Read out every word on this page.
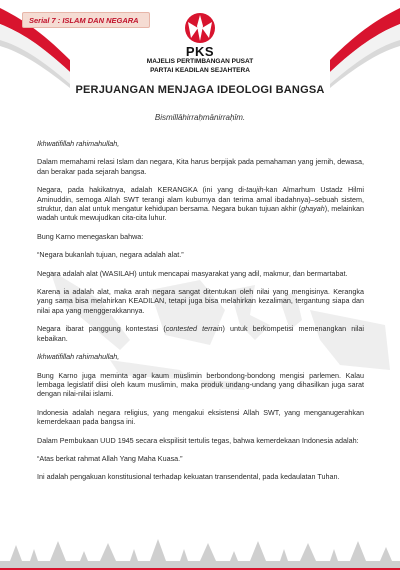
Serial 7 : ISLAM DAN NEGARA
PKS
MAJELIS PERTIMBANGAN PUSAT
PARTAI KEADILAN SEJAHTERA
PERJUANGAN MENJAGA IDEOLOGI BANGSA
Bismillāhirraḥmānirraḥīm.

Ikhwatifillah rahimahullah,

Dalam memahami relasi Islam dan negara, Kita harus berpijak pada pemahaman yang jernih, dewasa, dan berakar pada sejarah bangsa.

Negara, pada hakikatnya, adalah KERANGKA (ini yang di-taujih-kan Almarhum Ustadz Hilmi Aminuddin, semoga Allah SWT terangi alam kuburnya dan terima amal ibadahnya)–sebuah sistem, struktur, dan alat untuk mengatur kehidupan bersama. Negara bukan tujuan akhir (ghayah), melainkan wadah untuk mewujudkan cita-cita luhur.

Bung Karno menegaskan bahwa:

“Negara bukanlah tujuan, negara adalah alat.”

Negara adalah alat (WASILAH) untuk mencapai masyarakat yang adil, makmur, dan bermartabat.

Karena ia adalah alat, maka arah negara sangat ditentukan oleh nilai yang mengisinya. Kerangka yang sama bisa melahirkan KEADILAN, tetapi juga bisa melahirkan kezaliman, tergantung siapa dan nilai apa yang menggerakkannya.

Negara ibarat panggung kontestasi (contested terrain) untuk berkompetisi memenangkan nilai kebaikan.

Ikhwatifillah rahimahullah,

Bung Karno juga meminta agar kaum muslimin berbondong-bondong mengisi parlemen. Kalau lembaga legislatif diisi oleh kaum muslimin, maka produk undang-undang yang dihasilkan juga sarat dengan nilai-nilai islami.

Indonesia adalah negara religius, yang mengakui eksistensi Allah SWT, yang menganugerahkan kemerdekaan pada bangsa ini.

Dalam Pembukaan UUD 1945 secara ekspilisit tertulis tegas, bahwa kemerdekaan Indonesia adalah:

“Atas berkat rahmat Allah Yang Maha Kuasa.”

Ini adalah pengakuan konstitusional terhadap kekuatan transendental, pada kedaulatan Tuhan.
